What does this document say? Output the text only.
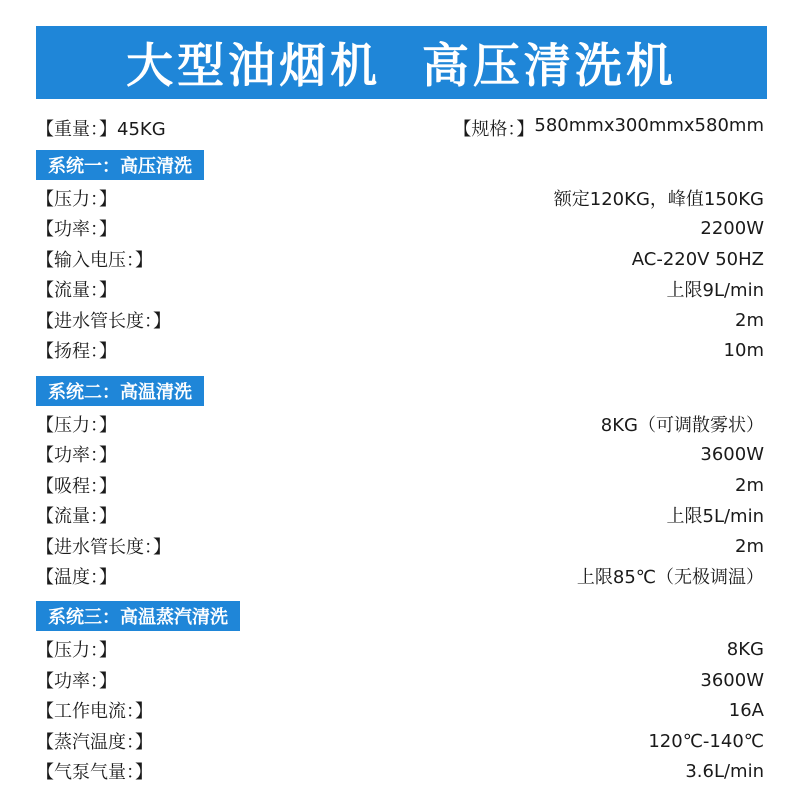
大型油烟机  高压清洗机
【重量：】45KG	【规格：】 580mmx300mmx580mm
系统一：高压清洗
【压力：】	额定120KG，峰值150KG
【功率：】	2200W
【输入电压：】	AC-220V 50HZ
【流量：】	上限9L/min
【进水管长度：】	2m
【扬程：】	10m
系统二：高温清洗
【压力：】	8KG（可调散雾状）
【功率：】	3600W
【吸程：】	2m
【流量：】	上限5L/min
【进水管长度：】	2m
【温度：】	上限85℃（无极调温）
系统三：高温蒸汽清洗
【压力：】	8KG
【功率：】	3600W
【工作电流：】	16A
【蒸汽温度：】	120℃-140℃
【气泵气量：】	3.6L/min
